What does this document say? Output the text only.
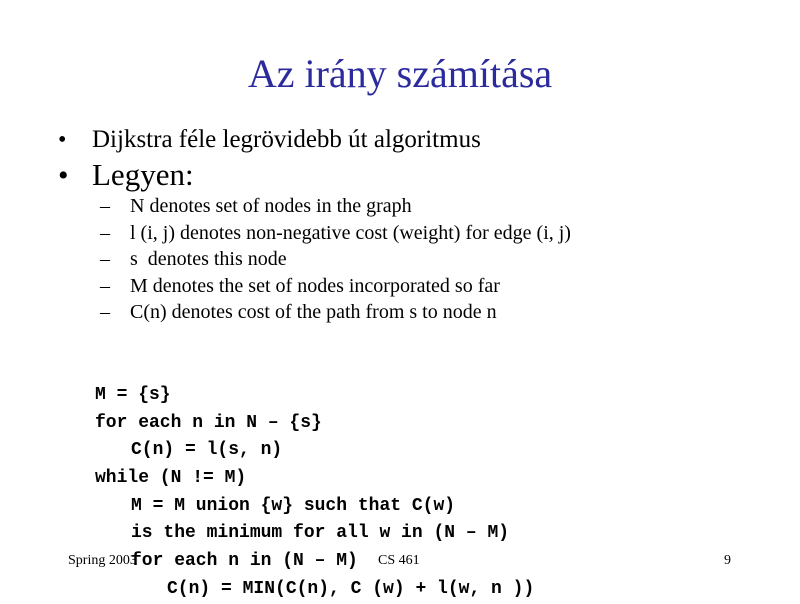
Az irány számítása
•	Dijkstra féle legrövidebb út algoritmus
• Legyen:
–	N denotes set of nodes in the graph
–	l (i, j) denotes non-negative cost (weight) for edge (i, j)
–	s  denotes this node
–	M denotes the set of nodes incorporated so far
–	C(n) denotes cost of the path from s to node n
M = {s}
for each n in N – {s}
C(n) = l(s, n)
while (N != M)
M = M union {w} such that C(w)
is the minimum for all w in (N – M)
for each n in (N – M)
C(n) = MIN(C(n), C (w) + l(w, n ))
Spring 2003	CS 461	9
